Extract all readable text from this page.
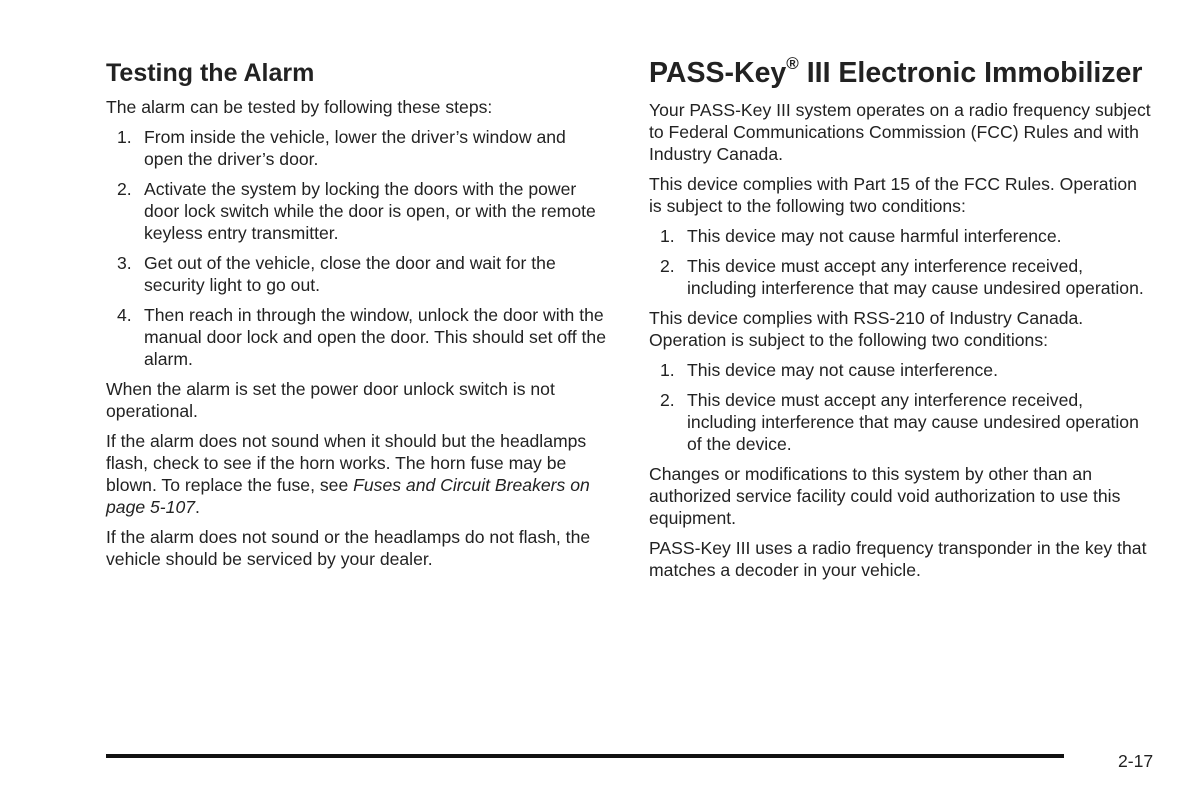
Testing the Alarm

The alarm can be tested by following these steps:

1. From inside the vehicle, lower the driver’s window and open the driver’s door.
2. Activate the system by locking the doors with the power door lock switch while the door is open, or with the remote keyless entry transmitter.
3. Get out of the vehicle, close the door and wait for the security light to go out.
4. Then reach in through the window, unlock the door with the manual door lock and open the door. This should set off the alarm.

When the alarm is set the power door unlock switch is not operational.

If the alarm does not sound when it should but the headlamps flash, check to see if the horn works. The horn fuse may be blown. To replace the fuse, see Fuses and Circuit Breakers on page 5-107.

If the alarm does not sound or the headlamps do not flash, the vehicle should be serviced by your dealer.

PASS-Key® III Electronic Immobilizer

Your PASS-Key III system operates on a radio frequency subject to Federal Communications Commission (FCC) Rules and with Industry Canada.

This device complies with Part 15 of the FCC Rules. Operation is subject to the following two conditions:

1. This device may not cause harmful interference.
2. This device must accept any interference received, including interference that may cause undesired operation.

This device complies with RSS-210 of Industry Canada. Operation is subject to the following two conditions:

1. This device may not cause interference.
2. This device must accept any interference received, including interference that may cause undesired operation of the device.

Changes or modifications to this system by other than an authorized service facility could void authorization to use this equipment.

PASS-Key III uses a radio frequency transponder in the key that matches a decoder in your vehicle.

2-17
